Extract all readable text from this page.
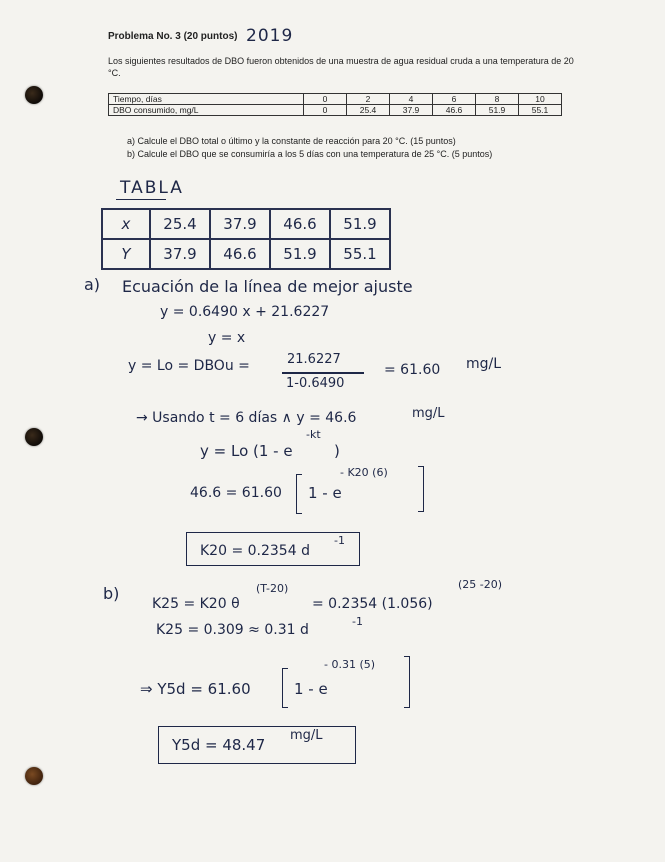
Problema No. 3 (20 puntos) 2019
Los siguientes resultados de DBO fueron obtenidos de una muestra de agua residual cruda a una temperatura de 20 °C.
Tiempo, días	0	2	4	6	8	10
DBO consumido, mg/L	0	25.4	37.9	46.6	51.9	55.1
a) Calcule el DBO total o último y la constante de reacción para 20 °C. (15 puntos)
b) Calcule el DBO que se consumiría a los 5 días con una temperatura de 25 °C. (5 puntos)
TABLA
x	25.4	37.9	46.6	51.9
Y	37.9	46.6	51.9	55.1
a) Ecuación de la línea de mejor ajuste
y = 0.6490 x + 21.6227
y = x
y = Lo = DBOu =	21.6227
1-0.6490
= 61.60 mg/L
→ Usando t = 6 días ∧ y = 46.6	mg/L
y = Lo (1 - e
-kt
)
46.6 = 61.60 1 - e
- K20 (6)
K20 = 0.2354 d
-1
b)
K25 = K20 θ
(T-20)
= 0.2354 (1.056)
(25 -20)
K25 = 0.309 ≈ 0.31 d
-1
⇒ Y5d = 61.60	1 - e
- 0.31 (5)
Y5d = 48.47
mg/L
